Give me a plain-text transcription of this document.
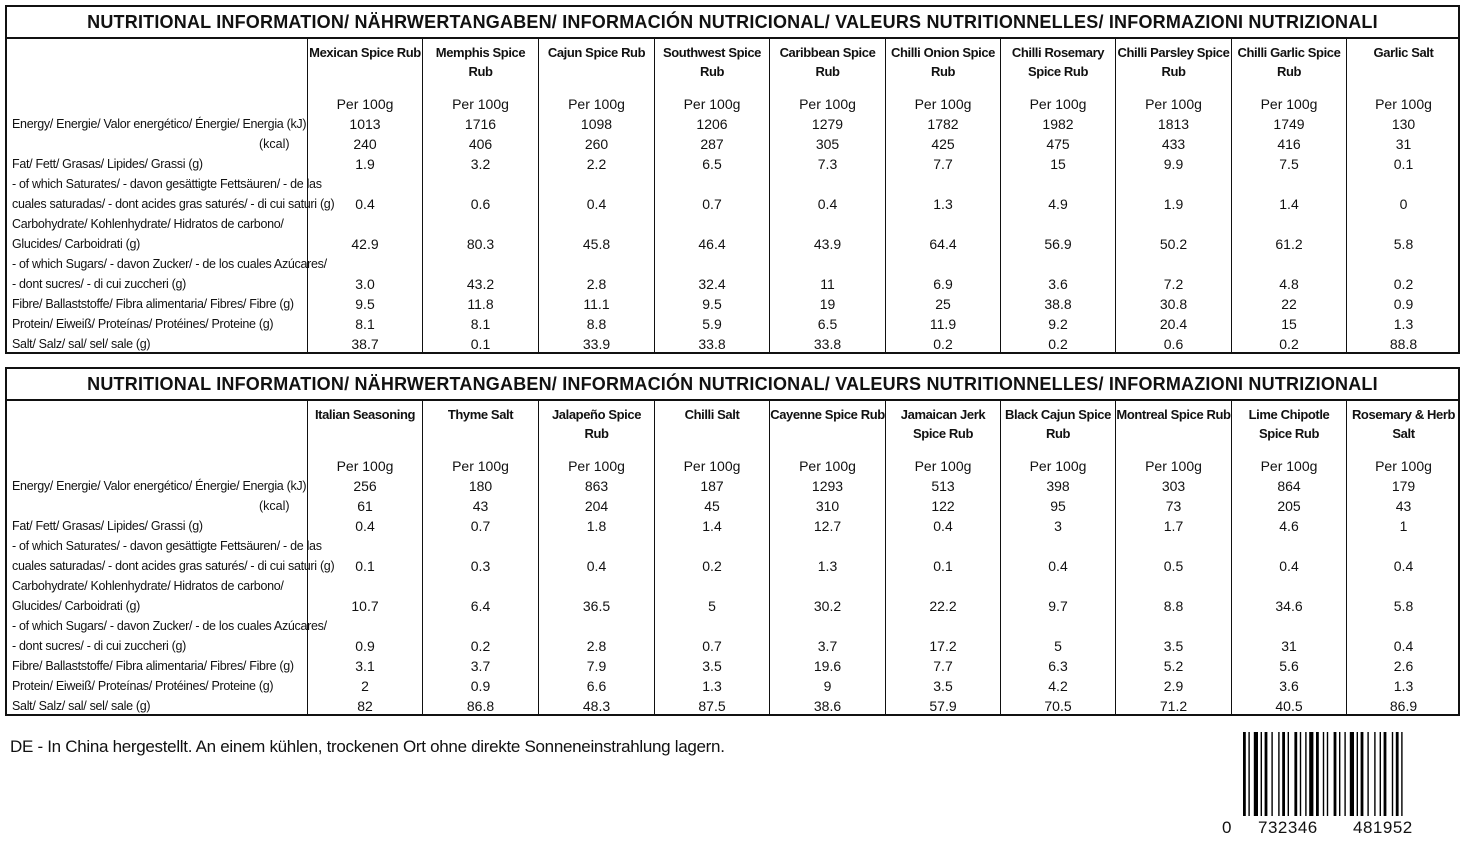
NUTRITIONAL INFORMATION/ NÄHRWERTANGABEN/ INFORMACIÓN NUTRICIONAL/ VALEURS NUTRITIONNELLES/ INFORMAZIONI NUTRIZIONALI
Energy/ Energie/ Valor energético/ Énergie/ Energia (kJ)
Fat/ Fett/ Grasas/ Lipides/ Grassi (g)
- of which Saturates/ - davon gesättigte Fettsäuren/ - de las
cuales saturadas/ - dont acides gras saturés/ - di cui saturi (g)
Carbohydrate/ Kohlenhydrate/ Hidratos de carbono/
Glucides/ Carboidrati (g)
- of which Sugars/ - davon Zucker/ - de los cuales Azúcares/
- dont sucres/ - di cui zuccheri (g)
Fibre/ Ballaststoffe/ Fibra alimentaria/ Fibres/ Fibre (g)
Protein/ Eiweiß/ Proteínas/ Protéines/ Proteine (g)
Salt/ Salz/ sal/ sel/ sale (g)
(kcal)
Mexican Spice Rub
Per 100g
1013
240
1.9
0.4
42.9
3.0
9.5
8.1
38.7
Memphis Spice Rub
Per 100g
1716
406
3.2
0.6
80.3
43.2
11.8
8.1
0.1
Cajun Spice Rub
Per 100g
1098
260
2.2
0.4
45.8
2.8
11.1
8.8
33.9
Southwest Spice Rub
Per 100g
1206
287
6.5
0.7
46.4
32.4
9.5
5.9
33.8
Caribbean Spice Rub
Per 100g
1279
305
7.3
0.4
43.9
11
19
6.5
33.8
Chilli Onion Spice Rub
Per 100g
1782
425
7.7
1.3
64.4
6.9
25
11.9
0.2
Chilli Rosemary Spice Rub
Per 100g
1982
475
15
4.9
56.9
3.6
38.8
9.2
0.2
Chilli Parsley Spice Rub
Per 100g
1813
433
9.9
1.9
50.2
7.2
30.8
20.4
0.6
Chilli Garlic Spice Rub
Per 100g
1749
416
7.5
1.4
61.2
4.8
22
15
0.2
Garlic Salt
Per 100g
130
31
0.1
0
5.8
0.2
0.9
1.3
88.8
NUTRITIONAL INFORMATION/ NÄHRWERTANGABEN/ INFORMACIÓN NUTRICIONAL/ VALEURS NUTRITIONNELLES/ INFORMAZIONI NUTRIZIONALI
Energy/ Energie/ Valor energético/ Énergie/ Energia (kJ)
Fat/ Fett/ Grasas/ Lipides/ Grassi (g)
- of which Saturates/ - davon gesättigte Fettsäuren/ - de las
cuales saturadas/ - dont acides gras saturés/ - di cui saturi (g)
Carbohydrate/ Kohlenhydrate/ Hidratos de carbono/
Glucides/ Carboidrati (g)
- of which Sugars/ - davon Zucker/ - de los cuales Azúcares/
- dont sucres/ - di cui zuccheri (g)
Fibre/ Ballaststoffe/ Fibra alimentaria/ Fibres/ Fibre (g)
Protein/ Eiweiß/ Proteínas/ Protéines/ Proteine (g)
Salt/ Salz/ sal/ sel/ sale (g)
(kcal)
Italian Seasoning
Per 100g
256
61
0.4
0.1
10.7
0.9
3.1
2
82
Thyme Salt
Per 100g
180
43
0.7
0.3
6.4
0.2
3.7
0.9
86.8
Jalapeño Spice Rub
Per 100g
863
204
1.8
0.4
36.5
2.8
7.9
6.6
48.3
Chilli Salt
Per 100g
187
45
1.4
0.2
5
0.7
3.5
1.3
87.5
Cayenne Spice Rub
Per 100g
1293
310
12.7
1.3
30.2
3.7
19.6
9
38.6
Jamaican Jerk Spice Rub
Per 100g
513
122
0.4
0.1
22.2
17.2
7.7
3.5
57.9
Black Cajun Spice Rub
Per 100g
398
95
3
0.4
9.7
5
6.3
4.2
70.5
Montreal Spice Rub
Per 100g
303
73
1.7
0.5
8.8
3.5
5.2
2.9
71.2
Lime Chipotle Spice Rub
Per 100g
864
205
4.6
0.4
34.6
31
5.6
3.6
40.5
Rosemary & Herb Salt
Per 100g
179
43
1
0.4
5.8
0.4
2.6
1.3
86.9
DE - In China hergestellt. An einem kühlen, trockenen Ort ohne direkte Sonneneinstrahlung lagern.
0 732346 481952
